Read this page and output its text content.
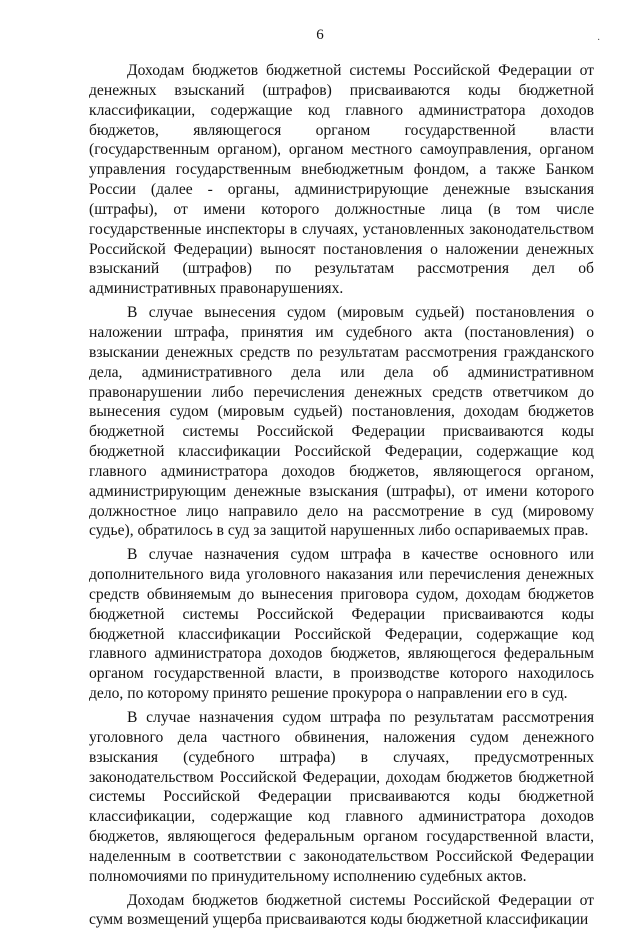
6	·

Доходам бюджетов бюджетной системы Российской Федерации от денежных взысканий (штрафов) присваиваются коды бюджетной классификации, содержащие код главного администратора доходов бюджетов, являющегося органом государственной власти (государственным органом), органом местного самоуправления, органом управления государственным внебюджетным фондом, а также Банком России (далее - органы, администрирующие денежные взыскания (штрафы), от имени которого должностные лица (в том числе государственные инспекторы в случаях, установленных законодательством Российской Федерации) выносят постановления о наложении денежных взысканий (штрафов) по результатам рассмотрения дел об административных правонарушениях.

В случае вынесения судом (мировым судьей) постановления о наложении штрафа, принятия им судебного акта (постановления) о взыскании денежных средств по результатам рассмотрения гражданского дела, административного дела или дела об административном правонарушении либо перечисления денежных средств ответчиком до вынесения судом (мировым судьей) постановления, доходам бюджетов бюджетной системы Российской Федерации присваиваются коды бюджетной классификации Российской Федерации, содержащие код главного администратора доходов бюджетов, являющегося органом, администрирующим денежные взыскания (штрафы), от имени которого должностное лицо направило дело на рассмотрение в суд (мировому судье), обратилось в суд за защитой нарушенных либо оспариваемых прав.

В случае назначения судом штрафа в качестве основного или дополнительного вида уголовного наказания или перечисления денежных средств обвиняемым до вынесения приговора судом, доходам бюджетов бюджетной системы Российской Федерации присваиваются коды бюджетной классификации Российской Федерации, содержащие код главного администратора доходов бюджетов, являющегося федеральным органом государственной власти, в производстве которого находилось дело, по которому принято решение прокурора о направлении его в суд.

В случае назначения судом штрафа по результатам рассмотрения уголовного дела частного обвинения, наложения судом денежного взыскания (судебного штрафа) в случаях, предусмотренных законодательством Российской Федерации, доходам бюджетов бюджетной системы Российской Федерации присваиваются коды бюджетной классификации, содержащие код главного администратора доходов бюджетов, являющегося федеральным органом государственной власти, наделенным в соответствии с законодательством Российской Федерации полномочиями по принудительному исполнению судебных актов.

Доходам бюджетов бюджетной системы Российской Федерации от сумм возмещений ущерба присваиваются коды бюджетной классификации
